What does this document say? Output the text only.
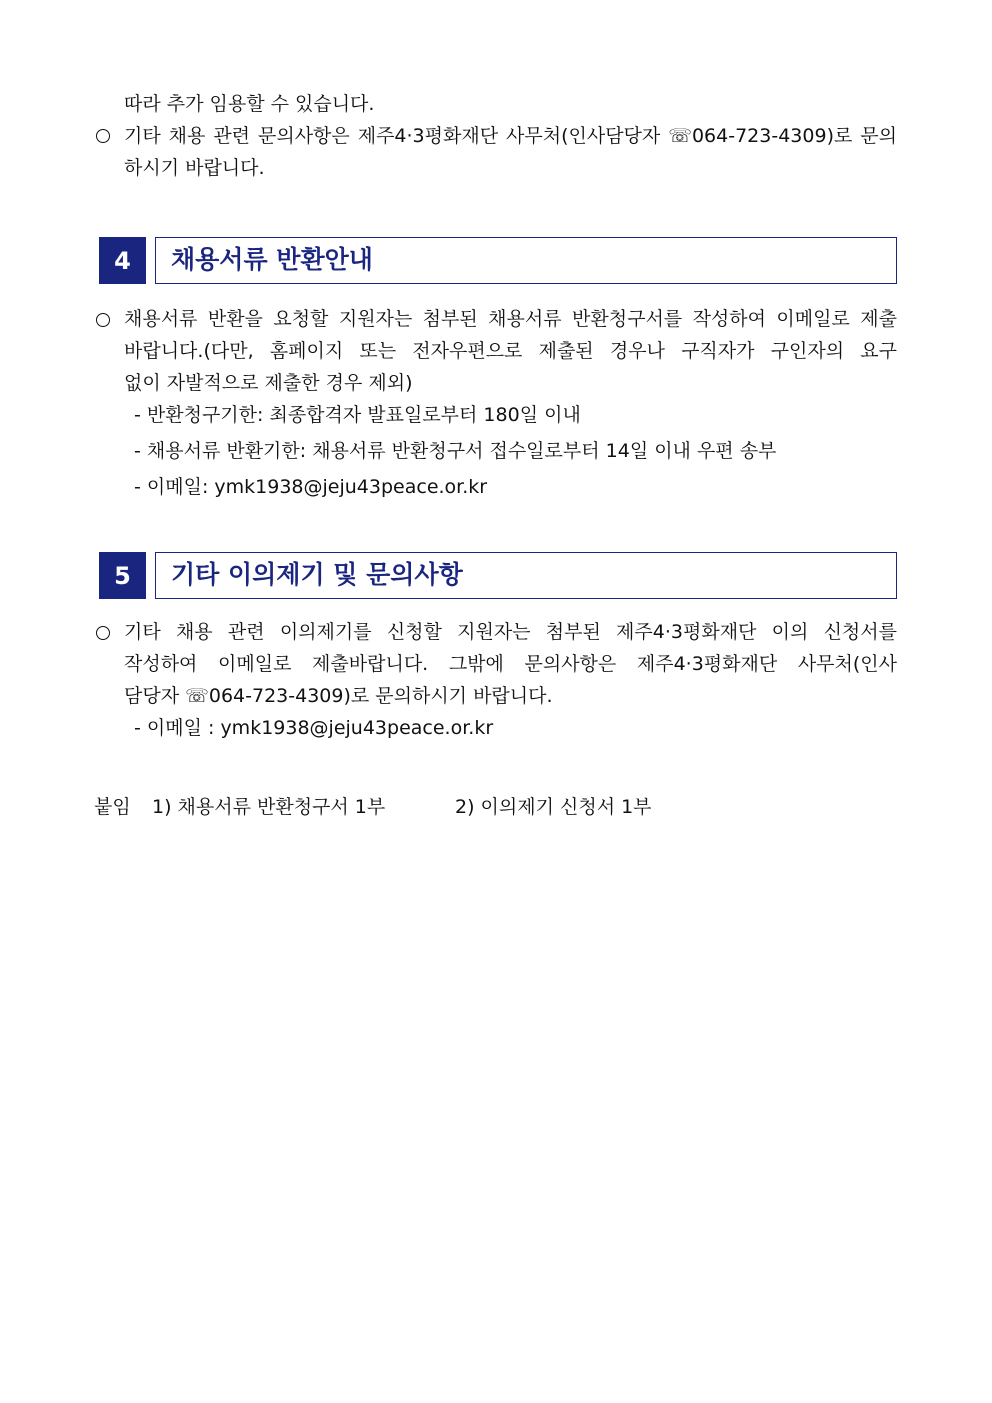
따라 추가 임용할 수 있습니다.
기타 채용 관련 문의사항은 제주4·3평화재단 사무처(인사담당자 ☏064-723-4309)로 문의
하시기 바랍니다.
4	채용서류 반환안내
채용서류 반환을 요청할 지원자는 첨부된 채용서류 반환청구서를 작성하여 이메일로 제출
바랍니다.(다만, 홈페이지 또는 전자우편으로 제출된 경우나 구직자가 구인자의 요구
없이 자발적으로 제출한 경우 제외)
- 반환청구기한: 최종합격자 발표일로부터 180일 이내
- 채용서류 반환기한: 채용서류 반환청구서 접수일로부터 14일 이내 우편 송부
- 이메일: ymk1938@jeju43peace.or.kr
5	기타 이의제기 및 문의사항
기타 채용 관련 이의제기를 신청할 지원자는 첨부된 제주4·3평화재단 이의 신청서를
작성하여 이메일로 제출바랍니다. 그밖에 문의사항은 제주4·3평화재단 사무처(인사
담당자 ☏064-723-4309)로 문의하시기 바랍니다.
- 이메일 : ymk1938@jeju43peace.or.kr
붙임 1) 채용서류 반환청구서 1부	2) 이의제기 신청서 1부
